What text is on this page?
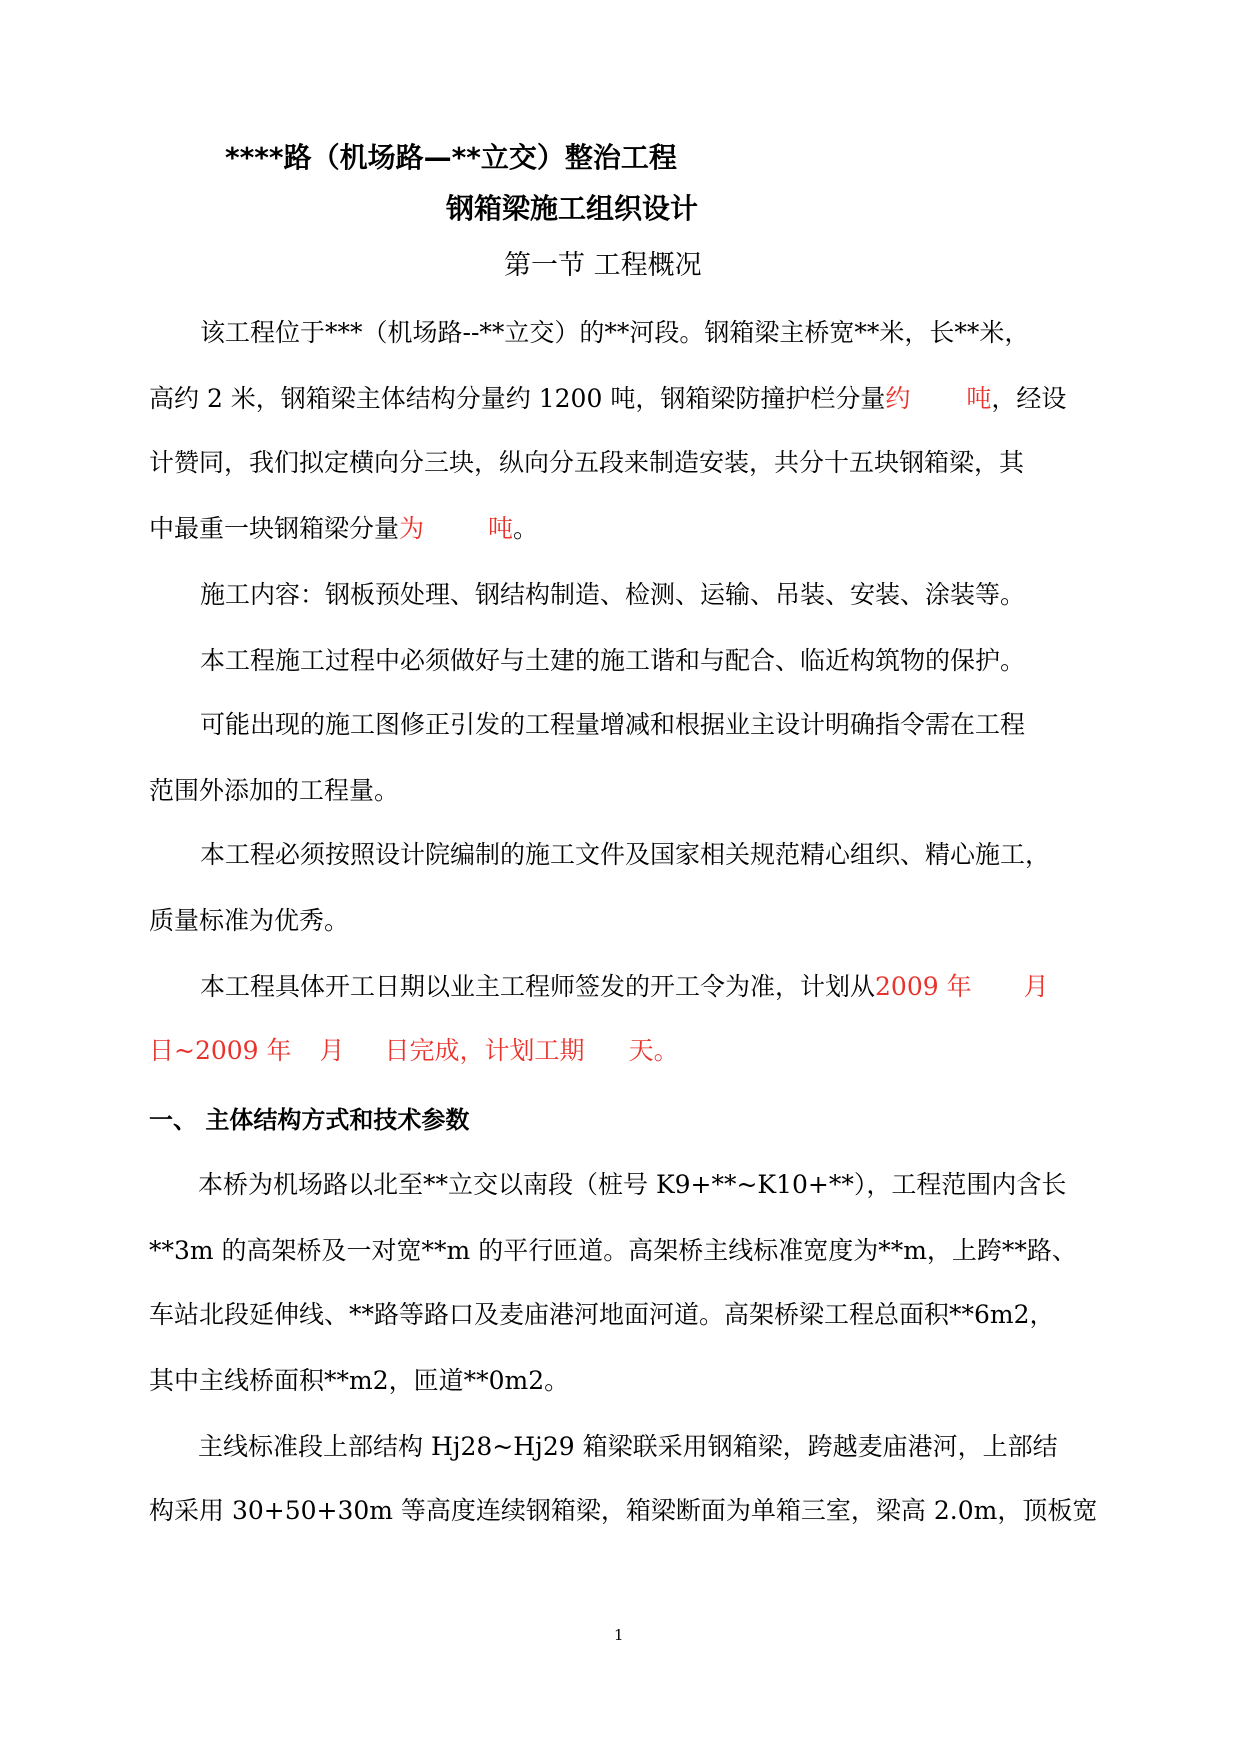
****路（机场路—**立交）整治工程
钢箱梁施工组织设计
第一节 工程概况
该工程位于***（机场路--**立交）的**河段。钢箱梁主桥宽**米，长**米，
高约 2 米，钢箱梁主体结构分量约 1200 吨，钢箱梁防撞护栏分量约 吨，经设
计赞同，我们拟定横向分三块，纵向分五段来制造安装，共分十五块钢箱梁，其
中最重一块钢箱梁分量为	吨。
施工内容：钢板预处理、钢结构制造、检测、运输、吊装、安装、涂装等。
本工程施工过程中必须做好与土建的施工谐和与配合、临近构筑物的保护。
可能出现的施工图修正引发的工程量增减和根据业主设计明确指令需在工程
范围外添加的工程量。
本工程必须按照设计院编制的施工文件及国家相关规范精心组织、精心施工，
质量标准为优秀。
本工程具体开工日期以业主工程师签发的开工令为准，计划从2009 年 月
日~2009 年 月 日完成，计划工期 天。
一、 主体结构方式和技术参数
本桥为机场路以北至**立交以南段（桩号 K9+**~K10+**），工程范围内含长
**3m 的高架桥及一对宽**m 的平行匝道。高架桥主线标准宽度为**m，上跨**路、
车站北段延伸线、**路等路口及麦庙港河地面河道。高架桥梁工程总面积**6m2，
其中主线桥面积**m2，匝道**0m2。
主线标准段上部结构 Hj28~Hj29 箱梁联采用钢箱梁，跨越麦庙港河，上部结
构采用 30+50+30m 等高度连续钢箱梁，箱梁断面为单箱三室，梁高 2.0m，顶板宽
1
